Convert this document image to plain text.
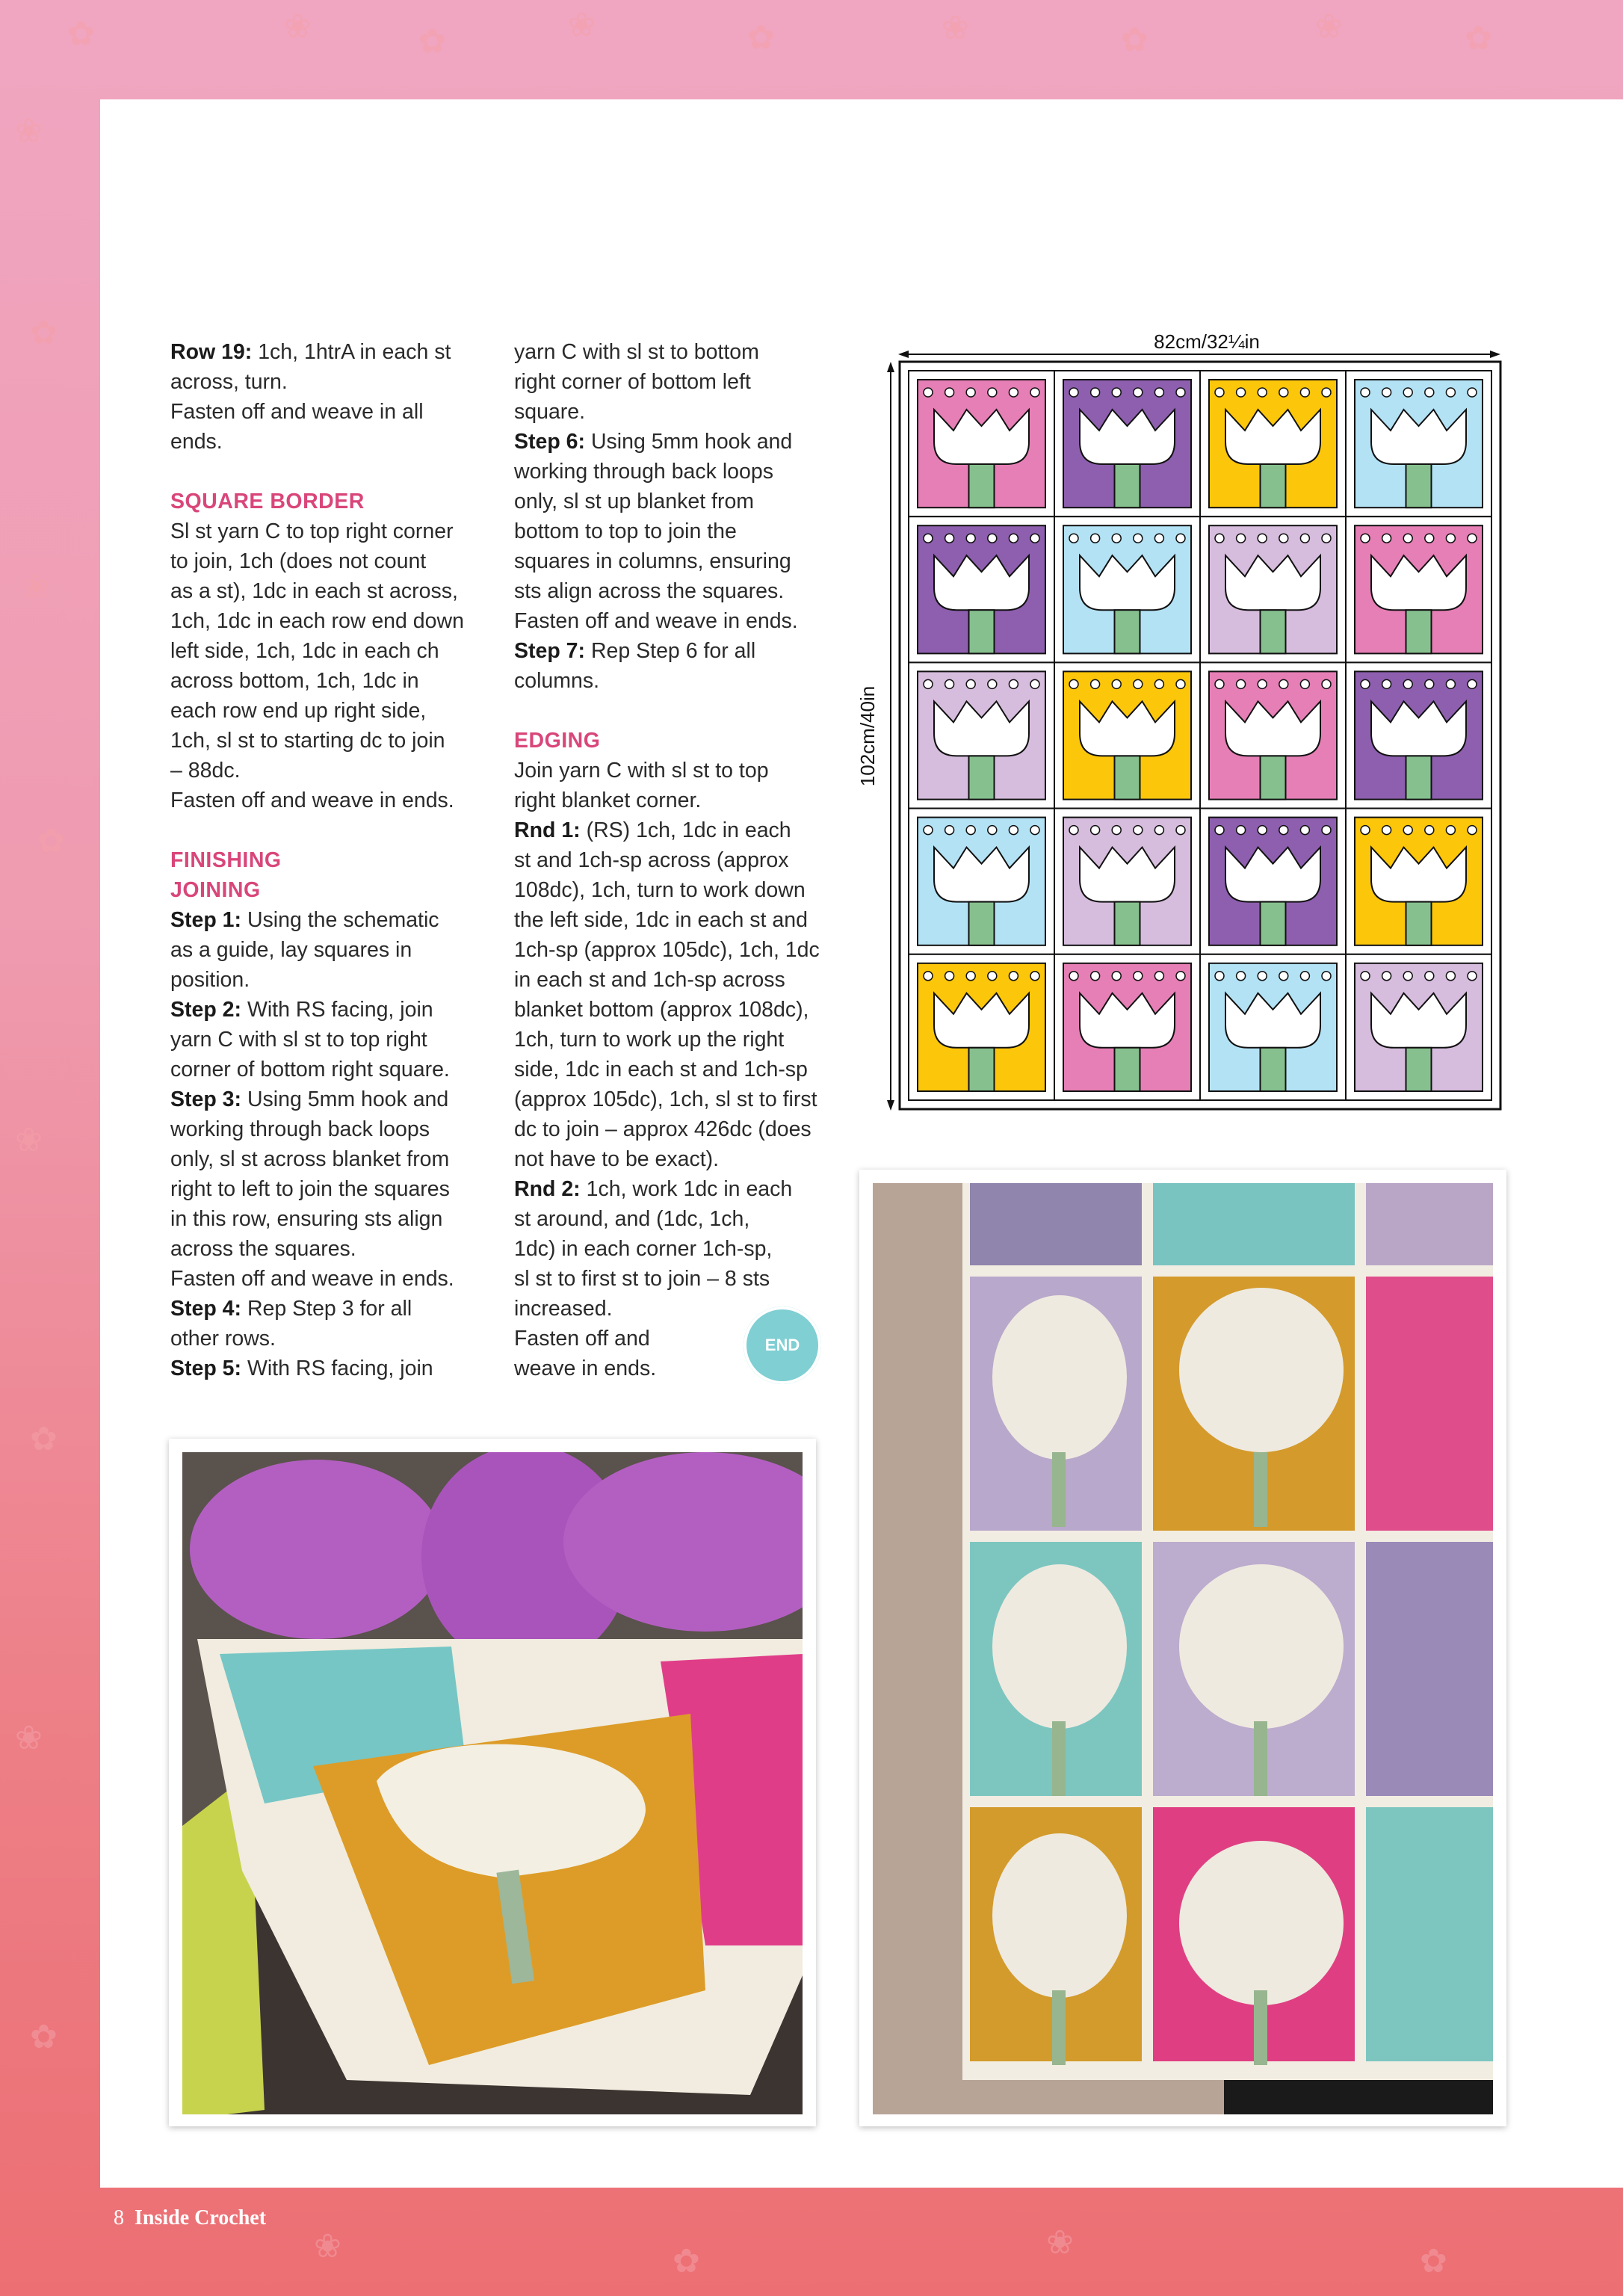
✿	❀	✿	❀	✿	❀	✿	❀	✿
❀
✿
❀
✿
❀
✿
❀
✿
❀	✿
❀
✿

Row 19: 1ch, 1htrA in each st

across, turn.

Fasten off and weave in all

ends.

SQUARE BORDER

Sl st yarn C to top right corner

to join, 1ch (does not count

as a st), 1dc in each st across,

1ch, 1dc in each row end down

left side, 1ch, 1dc in each ch

across bottom, 1ch, 1dc in

each row end up right side,

1ch, sl st to starting dc to join

– 88dc.

Fasten off and weave in ends.

FINISHING

JOINING

Step 1: Using the schematic

as a guide, lay squares in

position.

Step 2: With RS facing, join

yarn C with sl st to top right

corner of bottom right square.

Step 3: Using 5mm hook and

working through back loops

only, sl st across blanket from

right to left to join the squares

in this row, ensuring sts align

across the squares.

Fasten off and weave in ends.

Step 4: Rep Step 3 for all

other rows.

Step 5: With RS facing, join

yarn C with sl st to bottom

right corner of bottom left

square.

Step 6: Using 5mm hook and

working through back loops

only, sl st up blanket from

bottom to top to join the

squares in columns, ensuring

sts align across the squares.

Fasten off and weave in ends.

Step 7: Rep Step 6 for all

columns.

EDGING

Join yarn C with sl st to top

right blanket corner.

Rnd 1: (RS) 1ch, 1dc in each

st and 1ch-sp across (approx

108dc), 1ch, turn to work down

the left side, 1dc in each st and

1ch-sp (approx 105dc), 1ch, 1dc

in each st and 1ch-sp across

blanket bottom (approx 108dc),

1ch, turn to work up the right

side, 1dc in each st and 1ch-sp

(approx 105dc), 1ch, sl st to first

dc to join – approx 426dc (does

not have to be exact).

Rnd 2: 1ch, work 1dc in each

st around, and (1dc, 1ch,

1dc) in each corner 1ch-sp,

sl st to first st to join – 8 sts

increased.

Fasten off and

weave in ends.

END
82cm/32¼in
102cm/40in
8 Inside Crochet
